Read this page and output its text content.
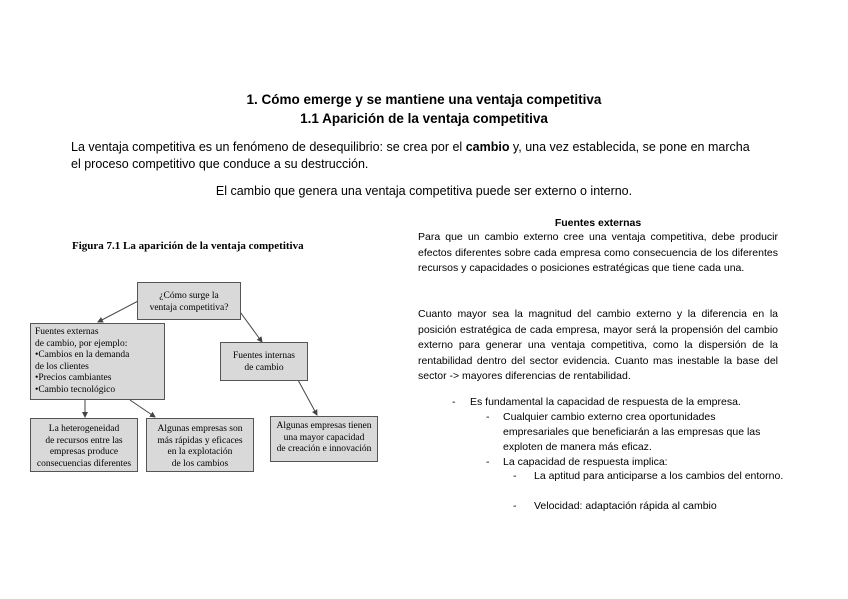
1. Cómo emerge y se mantiene una ventaja competitiva
1.1 Aparición de la ventaja competitiva
La ventaja competitiva es un fenómeno de desequilibrio: se crea por el cambio y, una vez establecida, se pone en marcha
el proceso competitivo que conduce a su destrucción.
El cambio que genera una ventaja competitiva puede ser externo o interno.
Figura 7.1 La aparición de la ventaja competitiva
¿Cómo surge la
ventaja competitiva?
Fuentes externas
de cambio, por ejemplo:
•Cambios en la demanda
de los clientes
•Precios cambiantes
•Cambio tecnológico
Fuentes internas
de cambio
La heterogeneidad
de recursos entre las
empresas produce
consecuencias diferentes
Algunas empresas son
más rápidas y eficaces
en la explotación
de los cambios
Algunas empresas tienen
una mayor capacidad
de creación e innovación
Fuentes externas
Para que un cambio externo cree una ventaja competitiva, debe producir efectos diferentes sobre cada empresa como consecuencia de los diferentes recursos y capacidades o posiciones estratégicas que tiene cada una.
Cuanto mayor sea la magnitud del cambio externo y la diferencia en la posición estratégica de cada empresa, mayor será la propensión del cambio externo para generar una ventaja competitiva, como la dispersión de la rentabilidad dentro del sector evidencia. Cuanto mas inestable la base del sector -> mayores diferencias de rentabilidad.
- Es fundamental la capacidad de respuesta de la empresa.
- Cualquier cambio externo crea oportunidades empresariales que beneficiarán a las empresas que las exploten de manera más eficaz.
- La capacidad de respuesta implica:
- La aptitud para anticiparse a los cambios del entorno.
- Velocidad: adaptación rápida al cambio
